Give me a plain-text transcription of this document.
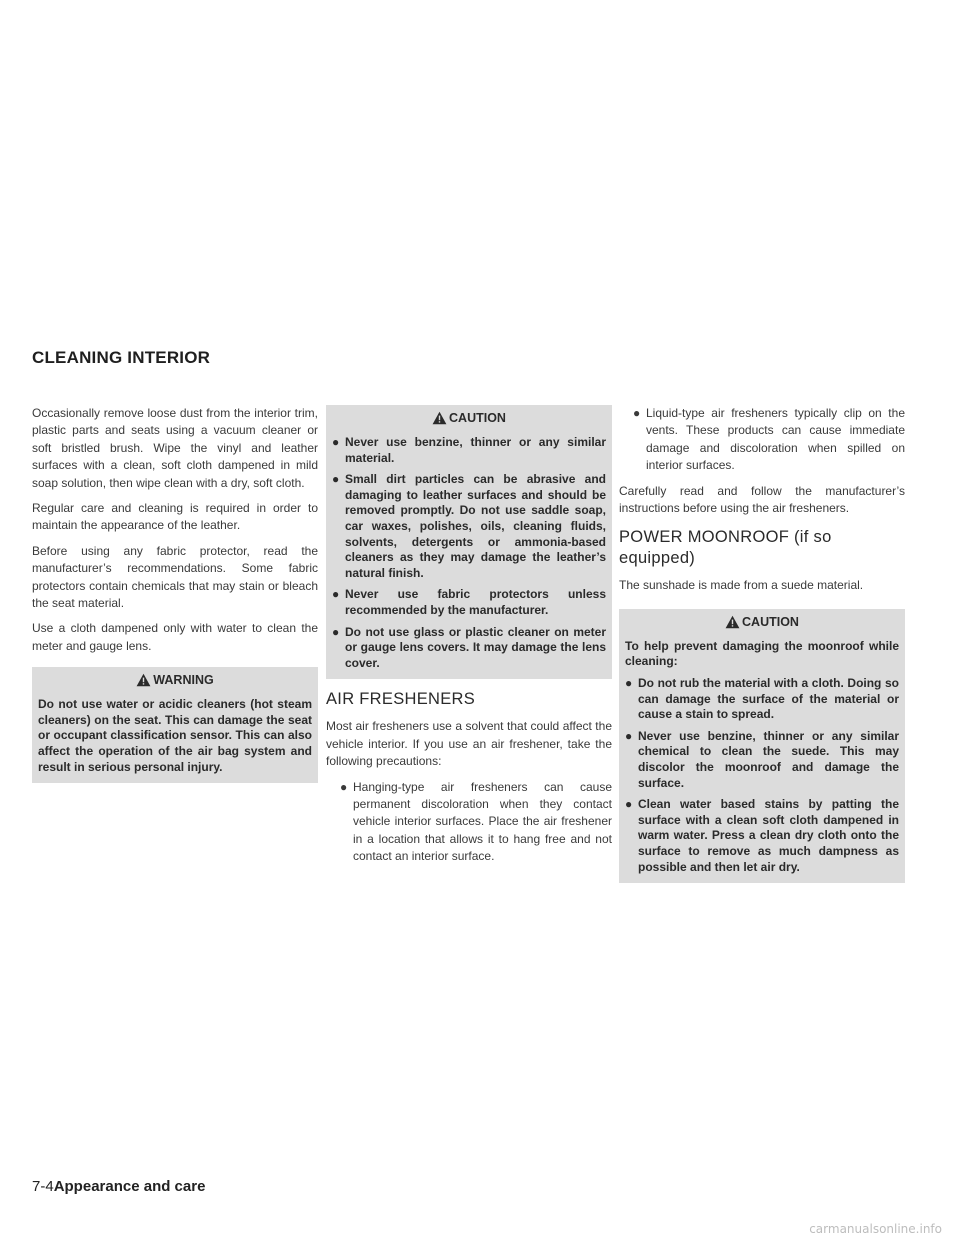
CLEANING INTERIOR

Occasionally remove loose dust from the interior trim, plastic parts and seats using a vacuum cleaner or soft bristled brush. Wipe the vinyl and leather surfaces with a clean, soft cloth dampened in mild soap solution, then wipe clean with a dry, soft cloth.

Regular care and cleaning is required in order to maintain the appearance of the leather.

Before using any fabric protector, read the manufacturer’s recommendations. Some fabric protectors contain chemicals that may stain or bleach the seat material.

Use a cloth dampened only with water to clean the meter and gauge lens.

WARNING

Do not use water or acidic cleaners (hot steam cleaners) on the seat. This can damage the seat or occupant classification sensor. This can also affect the operation of the air bag system and result in serious personal injury.

CAUTION
● Never use benzine, thinner or any similar material.
● Small dirt particles can be abrasive and damaging to leather surfaces and should be removed promptly. Do not use saddle soap, car waxes, polishes, oils, cleaning fluids, solvents, detergents or ammonia-based cleaners as they may damage the leather’s natural finish.
● Never use fabric protectors unless recommended by the manufacturer.
● Do not use glass or plastic cleaner on meter or gauge lens covers. It may damage the lens cover.
AIR FRESHENERS

Most air fresheners use a solvent that could affect the vehicle interior. If you use an air freshener, take the following precautions:

● Hanging-type air fresheners can cause permanent discoloration when they contact vehicle interior surfaces. Place the air freshener in a location that allows it to hang free and not contact an interior surface.
● Liquid-type air fresheners typically clip on the vents. These products can cause immediate damage and discoloration when spilled on interior surfaces.

Carefully read and follow the manufacturer’s instructions before using the air fresheners.

POWER MOONROOF (if so equipped)

The sunshade is made from a suede material.

CAUTION

To help prevent damaging the moonroof while cleaning:

● Do not rub the material with a cloth. Doing so can damage the surface of the material or cause a stain to spread.
● Never use benzine, thinner or any similar chemical to clean the suede. This may discolor the moonroof and damage the surface.
● Clean water based stains by patting the surface with a clean soft cloth dampened in warm water. Press a clean dry cloth onto the surface to remove as much dampness as possible and then let air dry.
7-4Appearance and care
carmanualsonline.info
